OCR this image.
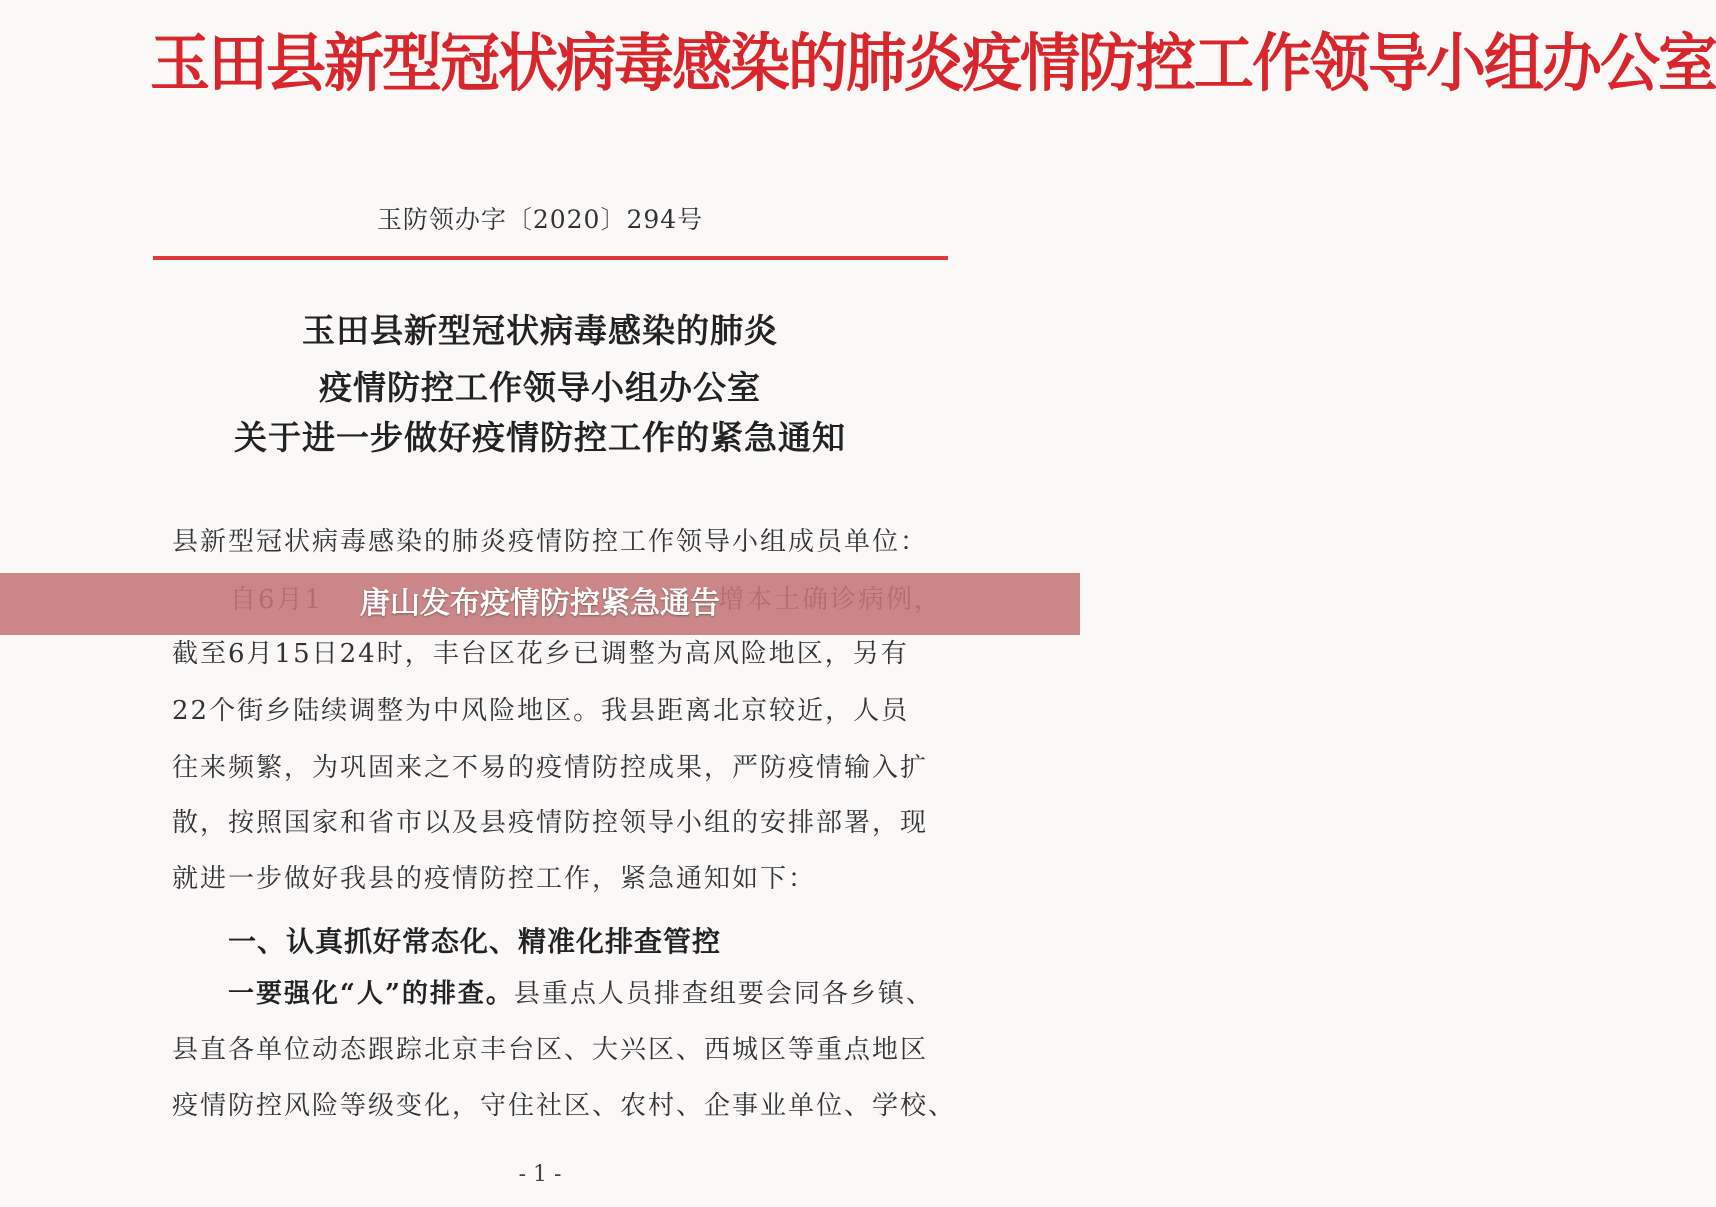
玉田县新型冠状病毒感染的肺炎疫情防控工作领导小组办公室
玉防领办字〔2020〕294号
玉田县新型冠状病毒感染的肺炎
疫情防控工作领导小组办公室
关于进一步做好疫情防控工作的紧急通知
县新型冠状病毒感染的肺炎疫情防控工作领导小组成员单位：
截至6月15日24时，丰台区花乡已调整为高风险地区，另有
22个街乡陆续调整为中风险地区。我县距离北京较近，人员
往来频繁，为巩固来之不易的疫情防控成果，严防疫情输入扩
散，按照国家和省市以及县疫情防控领导小组的安排部署，现
就进一步做好我县的疫情防控工作，紧急通知如下：
一、认真抓好常态化、精准化排查管控
一要强化“人”的排查。县重点人员排查组要会同各乡镇、
县直各单位动态跟踪北京丰台区、大兴区、西城区等重点地区
疫情防控风险等级变化，守住社区、农村、企事业单位、学校、
- 1 -
唐山发布疫情防控紧急通告
